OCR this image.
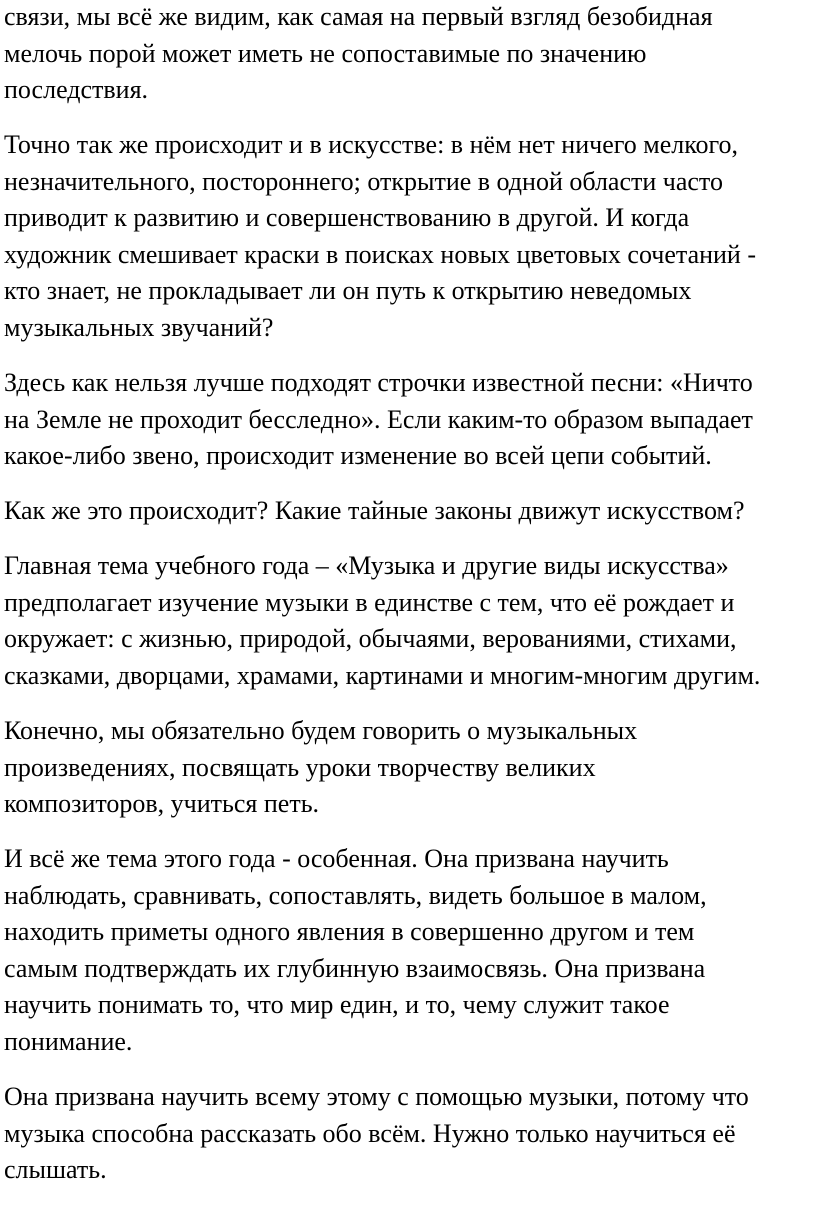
связи, мы всё же видим, как самая на первый взгляд безобидная
мелочь порой может иметь не сопоставимые по значению
последствия.
Точно так же происходит и в искусстве: в нём нет ничего мелкого,
незначительного, постороннего; открытие в одной области часто
приводит к развитию и совершенствованию в другой. И когда
художник смешивает краски в поисках новых цветовых сочетаний -
кто знает, не прокладывает ли он путь к открытию неведомых
музыкальных звучаний?
Здесь как нельзя лучше подходят строчки известной песни: «Ничто
на Земле не проходит бесследно». Если каким-то образом выпадает
какое-либо звено, происходит изменение во всей цепи событий.
Как же это происходит? Какие тайные законы движут искусством?
Главная тема учебного года – «Музыка и другие виды искусства»
предполагает изучение музыки в единстве с тем, что её рождает и
окружает: с жизнью, природой, обычаями, верованиями, стихами,
сказками, дворцами, храмами, картинами и многим-многим другим.
Конечно, мы обязательно будем говорить о музыкальных
произведениях, посвящать уроки творчеству великих
композиторов, учиться петь.
И всё же тема этого года - особенная. Она призвана научить
наблюдать, сравнивать, сопоставлять, видеть большое в малом,
находить приметы одного явления в совершенно другом и тем
самым подтверждать их глубинную взаимосвязь. Она призвана
научить понимать то, что мир един, и то, чему служит такое
понимание.
Она призвана научить всему этому с помощью музыки, потому что
музыка способна рассказать обо всём. Нужно только научиться её
слышать.
